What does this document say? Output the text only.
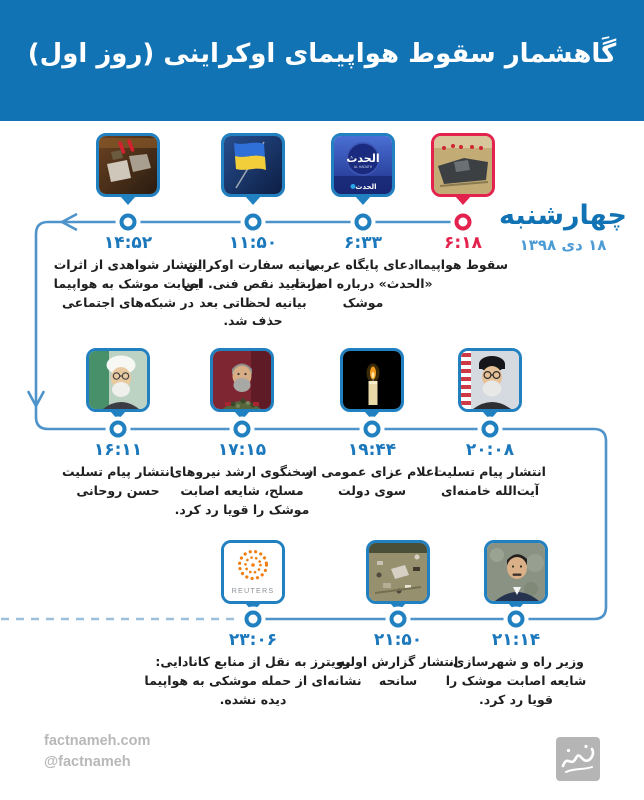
گَاهشمار سقوط هواپیمای اوکراینی (روز اول)
چهارشنبه
۱۸ دی ۱۳۹۸
۶:۱۸
سقوط هواپیما
الحدث
AL HADATH
الحدث
۶:۳۳
ادعای پایگاه عربی «الحدث» درباره اصابت موشک
۱۱:۵۰
بیانیه سفارت اوکراین در تایید نقص فنی. این بیانیه لحظاتی بعد حذف شد.
۱۴:۵۲
انتشار شواهدی از اثرات اصابت موشک به هواپیما در شبکه‌های اجتماعی
۱۶:۱۱
انتشار پیام تسلیت حسن روحانی
۱۷:۱۵
سخنگوی ارشد نیروهای مسلح، شایعه اصابت موشک را قویا رد کرد.
۱۹:۴۴
اعلام عزای عمومی از سوی دولت
۲۰:۰۸
انتشار پیام تسلیت آیت‌الله خامنه‌ای
۲۱:۱۴
وزیر راه و شهرسازی، شایعه اصابت موشک را قویا رد کرد.
۲۱:۵۰
انتشار گزارش اولیه سانحه
REUTERS
۲۳:۰۶
رویترز به نقل از منابع کانادایی: نشانه‌ای از حمله موشکی به هواپیما دیده نشده.
factnameh.com
@factnameh
